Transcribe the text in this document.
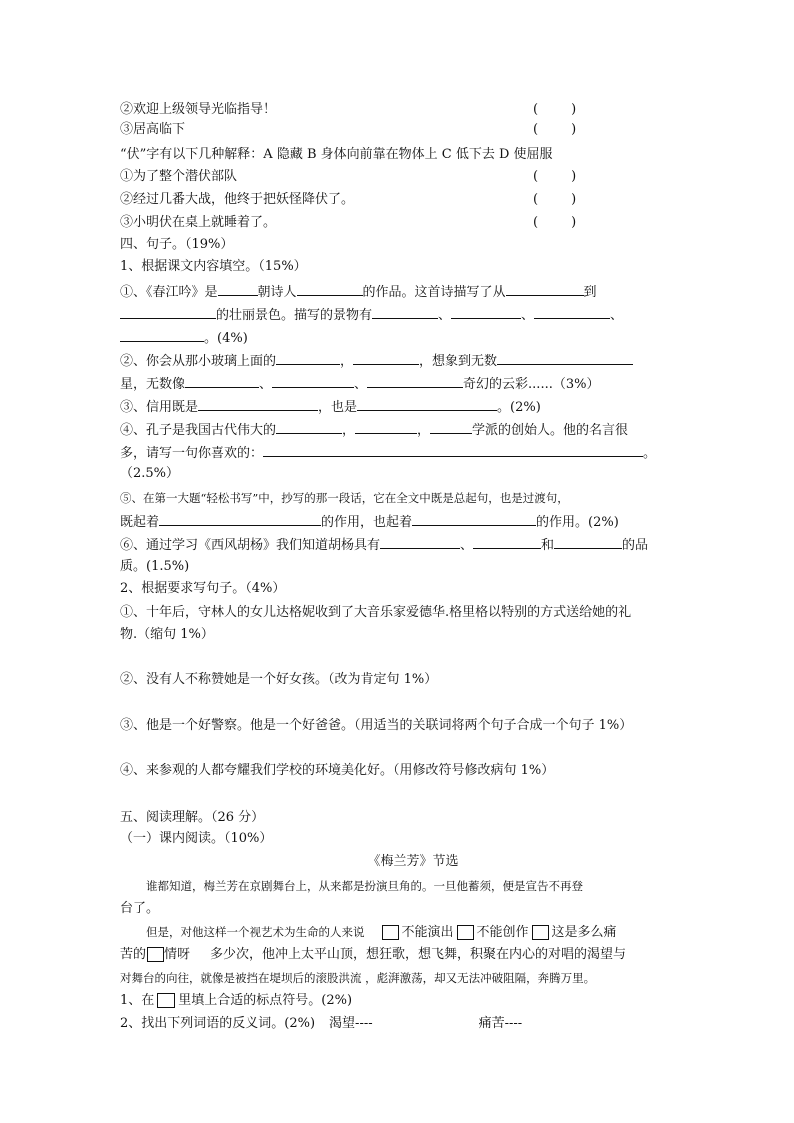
②欢迎上级领导光临指导！	(        )
③居高临下	(        )
“伏”字有以下几种解释：A 隐藏 B 身体向前靠在物体上 C 低下去 D 使屈服
①为了整个潜伏部队	(        )
②经过几番大战，他终于把妖怪降伏了。	(        )
③小明伏在桌上就睡着了。	(        )
四、句子。（19%）
1、根据课文内容填空。（15%）
①、《春江吟》是	朝诗人	的作品。这首诗描写了从	到
的壮丽景色。描写的景物有	、	、	、
。(4%)
②、你会从那小玻璃上面的	，	，想象到无数
星，无数像	、	、	奇幻的云彩......（3%）
③、信用既是	，也是	。(2%)
④、孔子是我国古代伟大的	，	，	学派的创始人。他的名言很
多，请写一句你喜欢的：	。
（2.5%）
⑤、在第一大题“轻松书写”中，抄写的那一段话，它在全文中既是总起句，也是过渡句，
既起着	的作用，也起着	的作用。(2%)
⑥、通过学习《西风胡杨》我们知道胡杨具有	、	和	的品
质。(1.5%)
2、根据要求写句子。（4%）
①、十年后，守林人的女儿达格妮收到了大音乐家爱德华.格里格以特别的方式送给她的礼
物.（缩句 1%）
②、没有人不称赞她是一个好女孩。（改为肯定句 1%）
③、他是一个好警察。他是一个好爸爸。（用适当的关联词将两个句子合成一个句子 1%）
④、来参观的人都夸耀我们学校的环境美化好。（用修改符号修改病句 1%）
五、阅读理解。（26 分）
（一）课内阅读。（10%）
《梅兰芳》节选
谁都知道，梅兰芳在京剧舞台上，从来都是扮演旦角的。一旦他蓄须，便是宣告不再登
台了。
但是，对他这样一个视艺术为生命的人来说	不能演出 不能创作 这是多么痛
苦的 情呀 多少次，他冲上太平山顶，想狂歌，想飞舞，积聚在内心的对唱的渴望与
对舞台的向往，就像是被挡在堤坝后的滚股洪流 ，彪湃激荡，却又无法冲破阻隔，奔腾万里。
1、在 里填上合适的标点符号。(2%)
2、找出下列词语的反义词。(2%) 渴望----	痛苦----
